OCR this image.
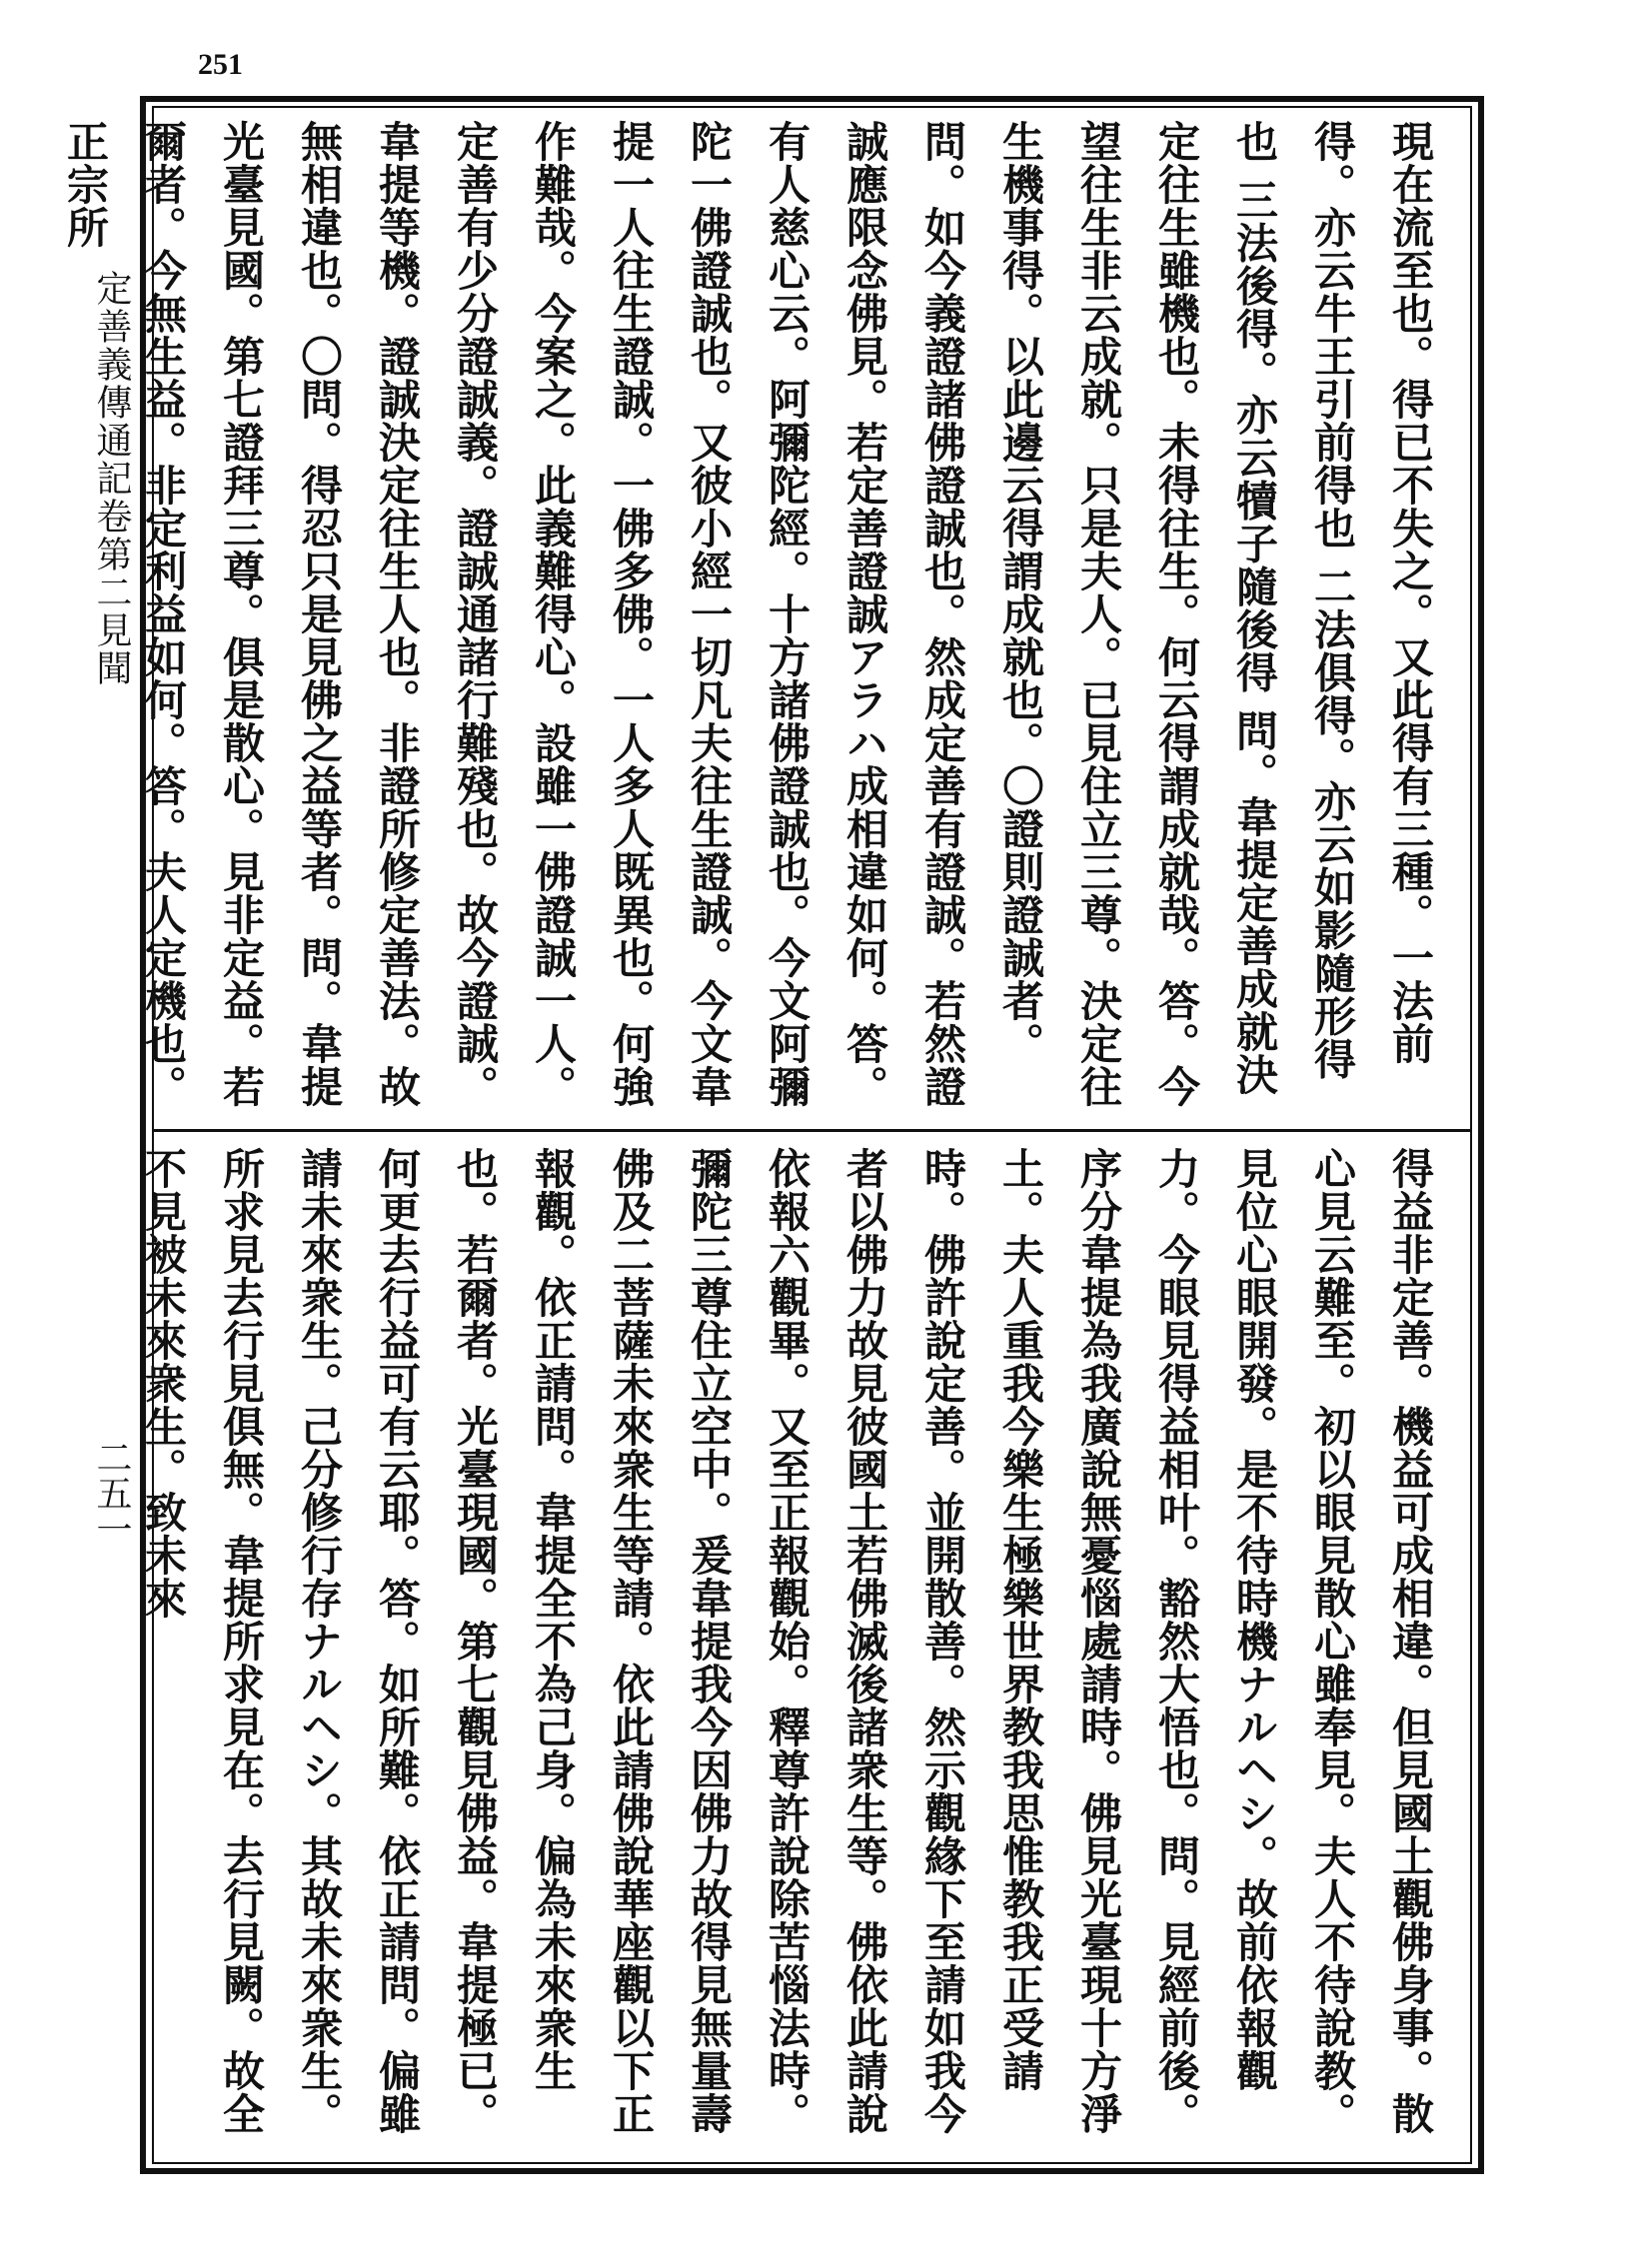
251
定善義傳通記卷第二見聞
二五一

現在流至也。得已不失之。又此得有三種。一法前得。亦云牛王引前得也 二法俱得。亦云如影隨形得也 三法後得。亦云犢子隨後得 問。韋提定善成就決定往生雖機也。未得往生。何云得謂成就哉。答。今望往生非云成就。只是夫人。已見住立三尊。決定往生機事得。以此邊云得謂成就也。〇證則證誠者。問。如今義證諸佛證誠也。然成定善有證誠。若然證誠應限念佛見。若定善證誠アラハ成相違如何。答。有人慈心云。阿彌陀經。十方諸佛證誠也。今文阿彌陀一佛證誠也。又彼小經一切凡夫往生證誠。今文韋提一人往生證誠。一佛多佛。一人多人既異也。何強作難哉。今案之。此義難得心。設雖一佛證誠一人。定善有少分證誠義。證誠通諸行難殘也。故今證誠。韋提等機。證誠決定往生人也。非證所修定善法。故無相違也。〇問。得忍只是見佛之益等者。問。韋提光臺見國。第七證拜三尊。俱是散心。見非定益。若爾者。今無生益。非定利益如何。答。夫人定機也。正宗所

得益非定善。機益可成相違。但見國土觀佛身事。散心見云難至。初以眼見散心雖奉見。夫人不待說教。見位心眼開發。是不待時機ナルヘシ。故前依報觀力。今眼見得益相叶。豁然大悟也。問。見經前後。序分韋提為我廣說無憂惱處請時。佛見光臺現十方淨土。夫人重我今樂生極樂世界教我思惟教我正受請時。佛許說定善。並開散善。然示觀緣下至請如我今者以佛力故見彼國土若佛滅後諸衆生等。佛依此請說依報六觀畢。又至正報觀始。釋尊許說除苦惱法時。彌陀三尊住立空中。爰韋提我今因佛力故得見無量壽佛及二菩薩未來衆生等請。依此請佛說華座觀以下正報觀。依正請問。韋提全不為己身。偏為未來衆生也。若爾者。光臺現國。第七觀見佛益。韋提極已。何更去行益可有云耶。答。如所難。依正請問。偏雖請未來衆生。己分修行存ナルヘシ。其故未來衆生。所求見去行見俱無。韋提所求見在。去行見闕。故全不見被未來衆生。致未來
